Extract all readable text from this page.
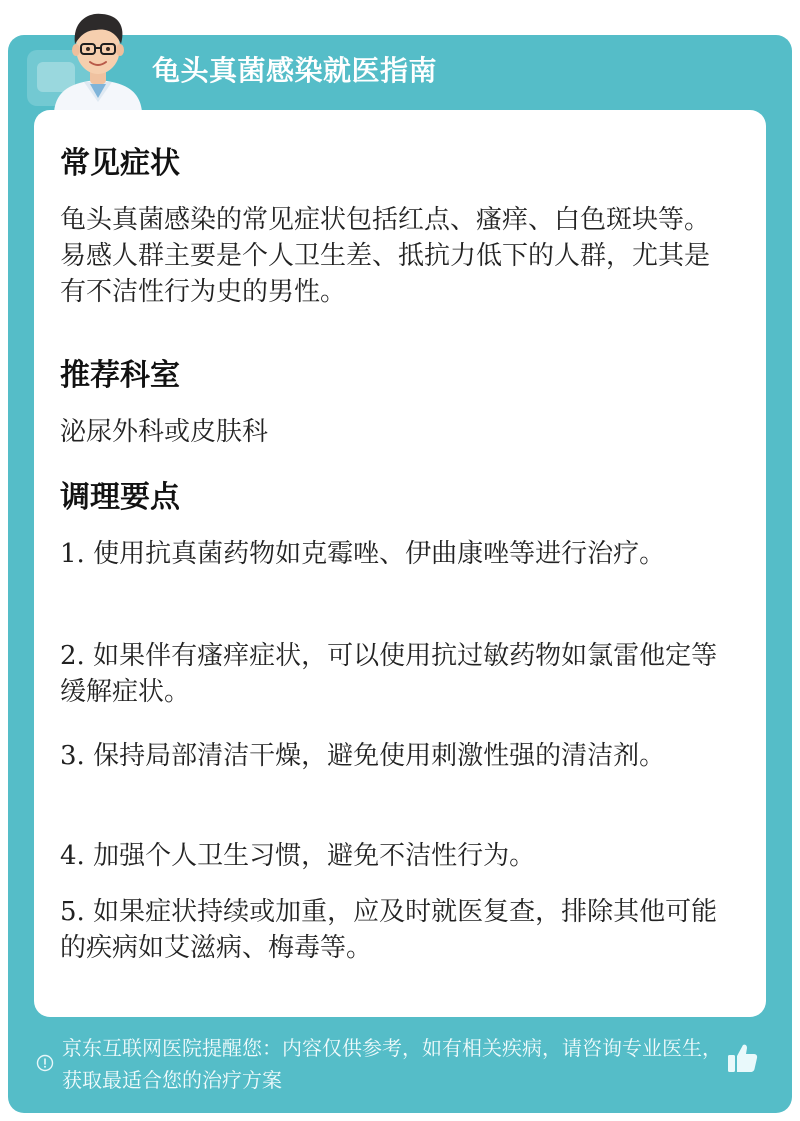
龟头真菌感染就医指南
常见症状
龟头真菌感染的常见症状包括红点、瘙痒、白色斑块等。易感人群主要是个人卫生差、抵抗力低下的人群，尤其是有不洁性行为史的男性。
推荐科室
泌尿外科或皮肤科
调理要点
1. 使用抗真菌药物如克霉唑、伊曲康唑等进行治疗。
2. 如果伴有瘙痒症状，可以使用抗过敏药物如氯雷他定等缓解症状。
3. 保持局部清洁干燥，避免使用刺激性强的清洁剂。
4. 加强个人卫生习惯，避免不洁性行为。
5. 如果症状持续或加重，应及时就医复查，排除其他可能的疾病如艾滋病、梅毒等。
京东互联网医院提醒您：内容仅供参考，如有相关疾病，请咨询专业医生，获取最适合您的治疗方案
